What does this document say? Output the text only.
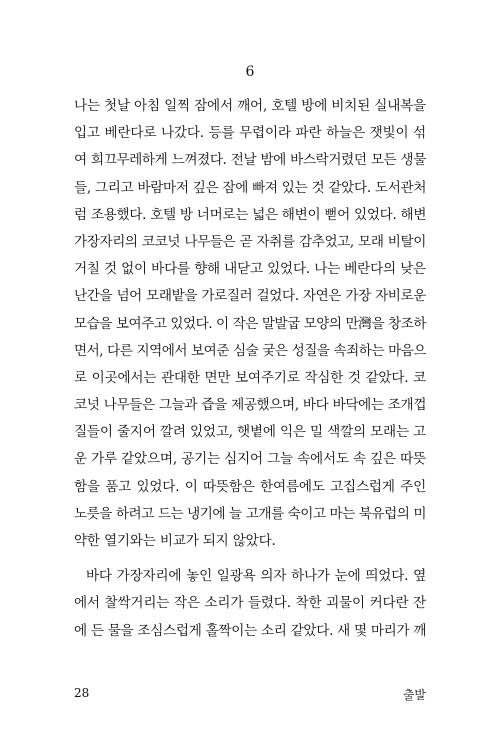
6
나는 첫날 아침 일찍 잠에서 깨어, 호텔 방에 비치된 실내복을
입고 베란다로 나갔다. 등를 무렵이라 파란 하늘은 잿빛이 섞
여 희끄무레하게 느껴졌다. 전날 밤에 바스락거렸던 모든 생물
들, 그리고 바람마저 깊은 잠에 빠져 있는 것 같았다. 도서관처
럼 조용했다. 호텔 방 너머로는 넓은 해변이 뻗어 있었다. 해변
가장자리의 코코넛 나무들은 곧 자취를 감추었고, 모래 비탈이
거칠 것 없이 바다를 향해 내닫고 있었다. 나는 베란다의 낮은
난간을 넘어 모래밭을 가로질러 걸었다. 자연은 가장 자비로운
모습을 보여주고 있었다. 이 작은 말발굽 모양의 만灣을 창조하
면서, 다른 지역에서 보여준 심술 궂은 성질을 속죄하는 마음으
로 이곳에서는 관대한 면만 보여주기로 작심한 것 같았다. 코
코넛 나무들은 그늘과 즙을 제공했으며, 바다 바닥에는 조개껍
질들이 줄지어 깔려 있었고, 햇볕에 익은 밀 색깔의 모래는 고
운 가루 같았으며, 공기는 심지어 그늘 속에서도 속 깊은 따뜻
함을 품고 있었다. 이 따뜻함은 한여름에도 고집스럽게 주인
노릇을 하려고 드는 냉기에 늘 고개를 숙이고 마는 북유럽의 미
약한 열기와는 비교가 되지 않았다.
바다 가장자리에 놓인 일광욕 의자 하나가 눈에 띄었다. 옆
에서 찰싹거리는 작은 소리가 들렸다. 착한 괴물이 커다란 잔
에 든 물을 조심스럽게 홀짝이는 소리 같았다. 새 몇 마리가 깨
28	출발
